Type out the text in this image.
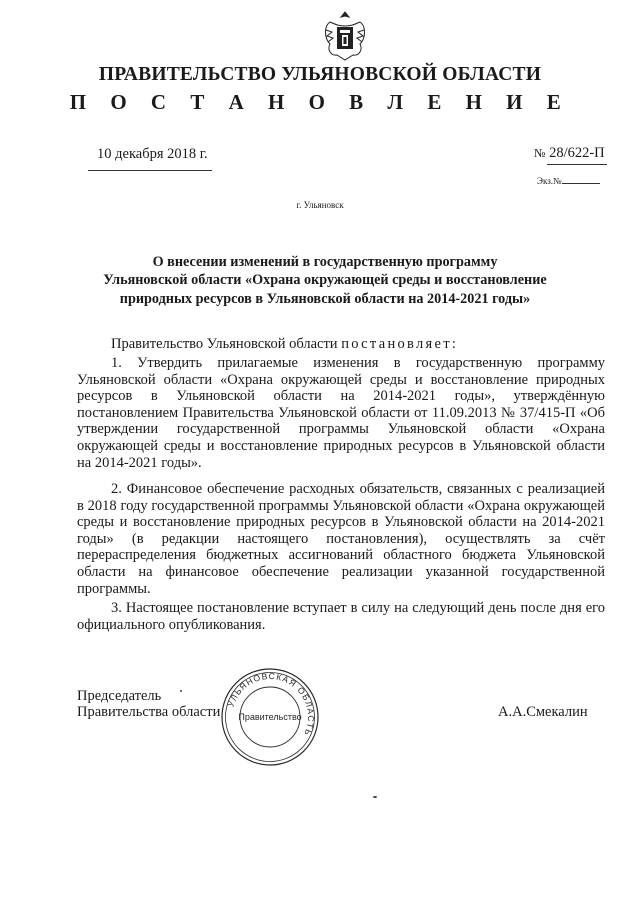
ПРАВИТЕЛЬСТВО УЛЬЯНОВСКОЙ ОБЛАСТИ
П О С Т А Н О В Л Е Н И Е
10 декабря 2018 г.	№ 28/622-П
Экз.№
г. Ульяновск
О внесении изменений в государственную программу
Ульяновской области «Охрана окружающей среды и восстановление
природных ресурсов в Ульяновской области на 2014-2021 годы»
Правительство Ульяновской области постановляет:
1. Утвердить прилагаемые изменения в государственную программу Ульяновской области «Охрана окружающей среды и восстановление природных ресурсов в Ульяновской области на 2014-2021 годы», утверждённую постановлением Правительства Ульяновской области от 11.09.2013 № 37/415-П «Об утверждении государственной программы Ульяновской области «Охрана окружающей среды и восстановление природных ресурсов в Ульяновской области на 2014-2021 годы».
2. Финансовое обеспечение расходных обязательств, связанных с реализацией в 2018 году государственной программы Ульяновской области «Охрана окружающей среды и восстановление природных ресурсов в Ульяновской области на 2014-2021 годы» (в редакции настоящего постановления), осуществлять за счёт перераспределения бюджетных ассигнований областного бюджета Ульяновской области на финансовое обеспечение реализации указанной государственной программы.
3. Настоящее постановление вступает в силу на следующий день после дня его официального опубликования.
УЛЬЯНОВСКАЯ ОБЛАСТЬ
Правительство
Председатель
Правительства области	А.А.Смекалин
